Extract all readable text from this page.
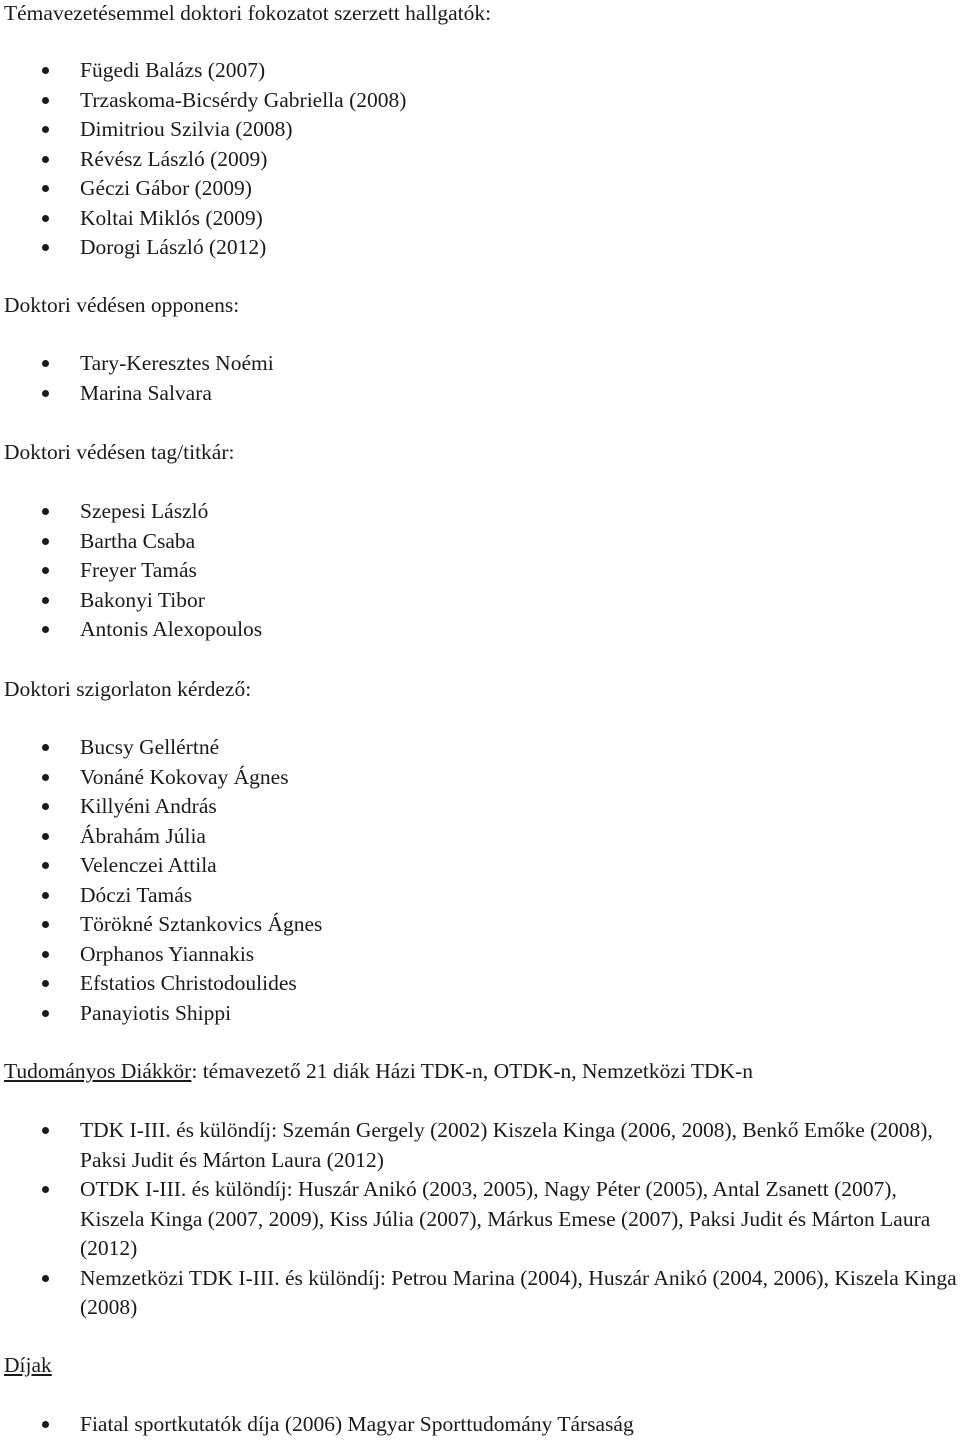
Témavezetésemmel doktori fokozatot szerzett hallgatók:

Fügedi Balázs (2007)
Trzaskoma-Bicsérdy Gabriella (2008)
Dimitriou Szilvia (2008)
Révész László (2009)
Géczi Gábor (2009)
Koltai Miklós (2009)
Dorogi László (2012)

Doktori védésen opponens:

Tary-Keresztes Noémi
Marina Salvara

Doktori védésen tag/titkár:

Szepesi László
Bartha Csaba
Freyer Tamás
Bakonyi Tibor
Antonis Alexopoulos

Doktori szigorlaton kérdező:

Bucsy Gellértné
Vonáné Kokovay Ágnes
Killyéni András
Ábrahám Júlia
Velenczei Attila
Dóczi Tamás
Törökné Sztankovics Ágnes
Orphanos Yiannakis
Efstatios Christodoulides
Panayiotis Shippi

Tudományos Diákkör: témavezető 21 diák Házi TDK-n, OTDK-n, Nemzetközi TDK-n

TDK I-III. és különdíj: Szemán Gergely (2002) Kiszela Kinga (2006, 2008), Benkő Emőke (2008), Paksi Judit és Márton Laura (2012)
OTDK I-III. és különdíj: Huszár Anikó (2003, 2005), Nagy Péter (2005), Antal Zsanett (2007), Kiszela Kinga (2007, 2009), Kiss Júlia (2007), Márkus Emese (2007), Paksi Judit és Márton Laura (2012)
Nemzetközi TDK I-III. és különdíj: Petrou Marina (2004), Huszár Anikó (2004, 2006), Kiszela Kinga (2008)

Díjak

Fiatal sportkutatók díja (2006) Magyar Sporttudomány Társaság
